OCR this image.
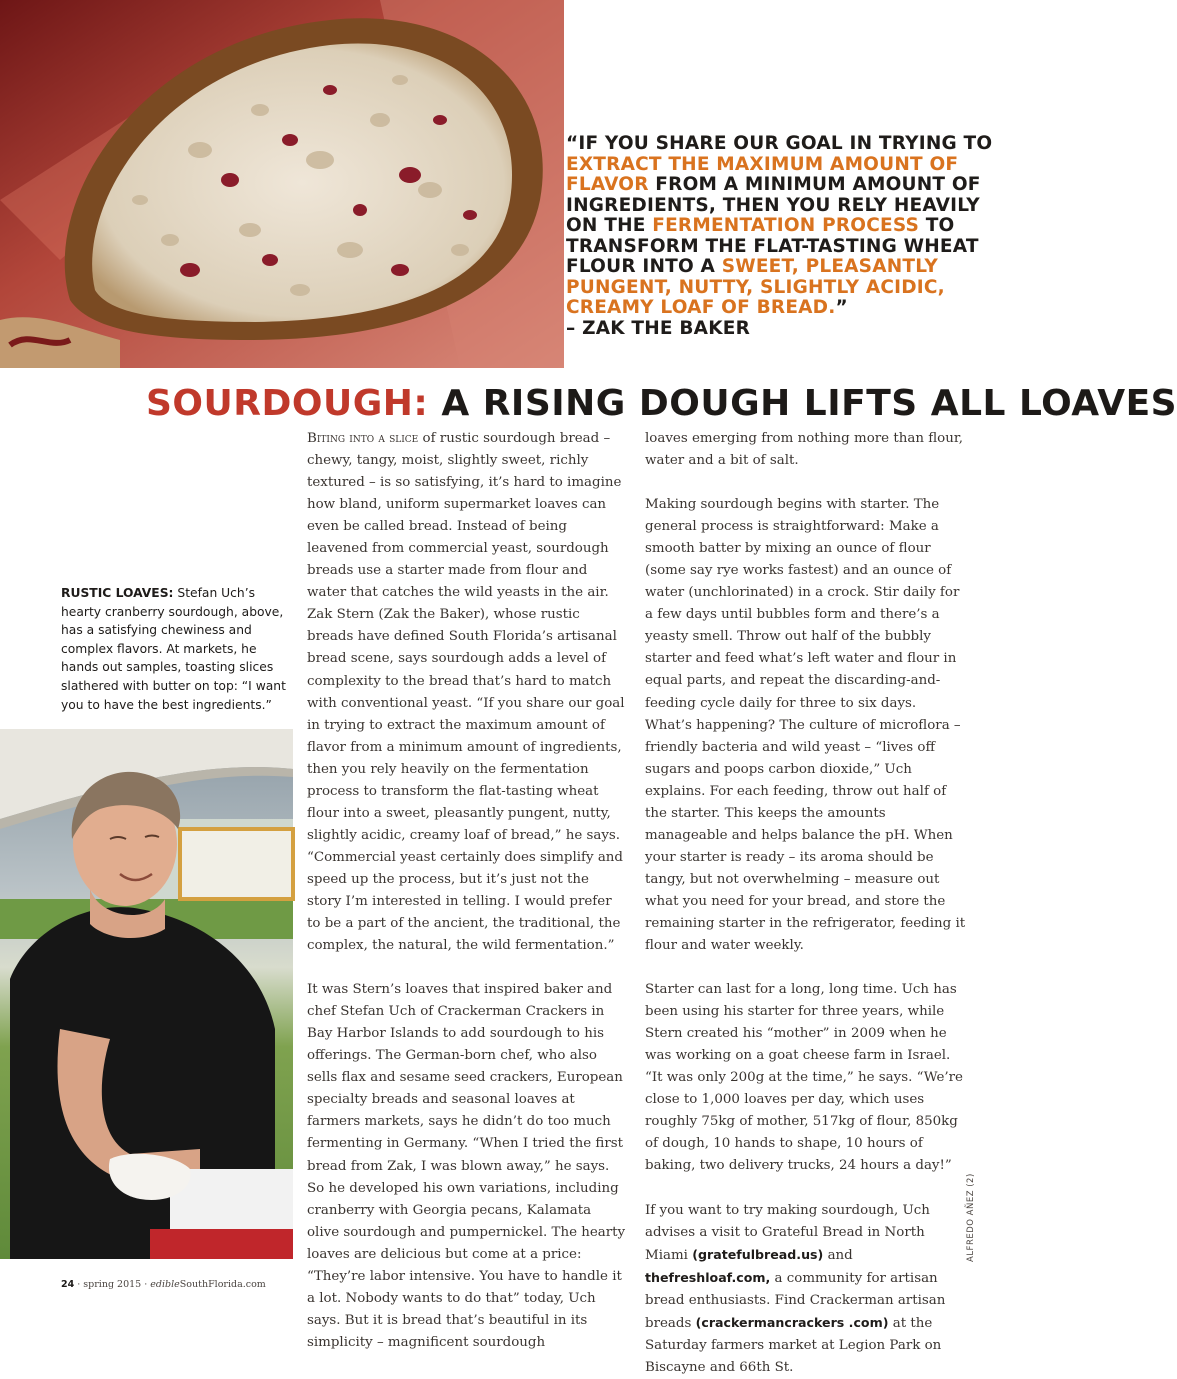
“IF YOU SHARE OUR GOAL IN TRYING TO EXTRACT THE MAXIMUM AMOUNT OF FLAVOR FROM A MINIMUM AMOUNT OF INGREDIENTS, THEN YOU RELY HEAVILY ON THE FERMENTATION PROCESS TO TRANSFORM THE FLAT-TASTING WHEAT FLOUR INTO A SWEET, PLEASANTLY PUNGENT, NUTTY, SLIGHTLY ACIDIC, CREAMY LOAF OF BREAD.”
– ZAK THE BAKER
SOURDOUGH: A RISING DOUGH LIFTS ALL LOAVES
RUSTIC LOAVES: Stefan Uch’s hearty cranberry sourdough, above, has a satisfying chewiness and complex flavors. At markets, he hands out samples, toasting slices slathered with butter on top: “I want you to have the best ingredients.”

Biting into a slice of rustic sourdough bread – chewy, tangy, moist, slightly sweet, richly textured – is so satisfying, it’s hard to imagine how bland, uniform supermarket loaves can even be called bread. Instead of being leavened from commercial yeast, sourdough breads use a starter made from flour and water that catches the wild yeasts in the air. Zak Stern (Zak the Baker), whose rustic breads have defined South Florida’s artisanal bread scene, says sourdough adds a level of complexity to the bread that’s hard to match with conventional yeast. “If you share our goal in trying to extract the maximum amount of flavor from a minimum amount of ingredients, then you rely heavily on the fermentation process to transform the flat-tasting wheat flour into a sweet, pleasantly pungent, nutty, slightly acidic, creamy loaf of bread,” he says. “Commercial yeast certainly does simplify and speed up the process, but it’s just not the story I’m interested in telling. I would prefer to be a part of the ancient, the traditional, the complex, the natural, the wild fermentation.”

It was Stern’s loaves that inspired baker and chef Stefan Uch of Crackerman Crackers in Bay Harbor Islands to add sourdough to his offerings. The German-born chef, who also sells flax and sesame seed crackers, European specialty breads and seasonal loaves at farmers markets, says he didn’t do too much fermenting in Germany. “When I tried the first bread from Zak, I was blown away,” he says. So he developed his own variations, including cranberry with Georgia pecans, Kalamata olive sourdough and pumpernickel. The hearty loaves are delicious but come at a price: “They’re labor intensive. You have to handle it a lot. Nobody wants to do that” today, Uch says. But it is bread that’s beautiful in its simplicity – magnificent sourdough

loaves emerging from nothing more than flour, water and a bit of salt.

Making sourdough begins with starter. The general process is straightforward: Make a smooth batter by mixing an ounce of flour (some say rye works fastest) and an ounce of water (unchlorinated) in a crock. Stir daily for a few days until bubbles form and there’s a yeasty smell. Throw out half of the bubbly starter and feed what’s left water and flour in equal parts, and repeat the discarding-and-feeding cycle daily for three to six days. What’s happening? The culture of microflora – friendly bacteria and wild yeast – “lives off sugars and poops carbon dioxide,” Uch explains. For each feeding, throw out half of the starter. This keeps the amounts manageable and helps balance the pH. When your starter is ready – its aroma should be tangy, but not overwhelming – measure out what you need for your bread, and store the remaining starter in the refrigerator, feeding it flour and water weekly.

Starter can last for a long, long time. Uch has been using his starter for three years, while Stern created his “mother” in 2009 when he was working on a goat cheese farm in Israel. “It was only 200g at the time,” he says. “We’re close to 1,000 loaves per day, which uses roughly 75kg of mother, 517kg of flour, 850kg of dough, 10 hands to shape, 10 hours of baking, two delivery trucks, 24 hours a day!”

If you want to try making sourdough, Uch advises a visit to Grateful Bread in North Miami (gratefulbread.us) and thefreshloaf.com, a community for artisan bread enthusiasts. Find Crackerman artisan breads (crackermancrackers .com) at the Saturday farmers market at Legion Park on Biscayne and 66th St.

ALFREDO AÑEZ (2)
24 · spring 2015 · edibleSouthFlorida.com
